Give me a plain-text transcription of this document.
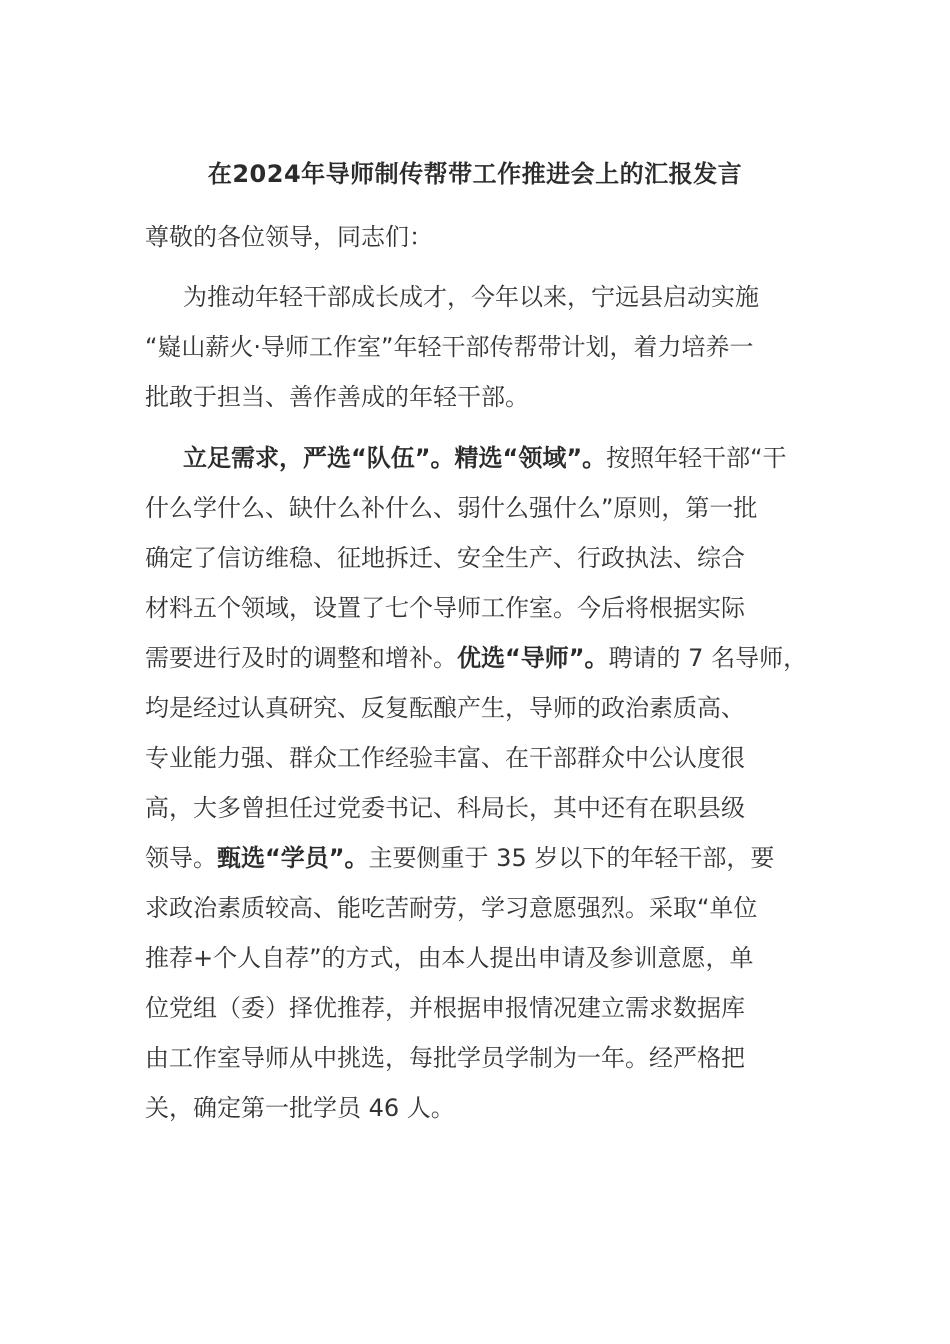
在2024年导师制传帮带工作推进会上的汇报发言
尊敬的各位领导，同志们：
为推动年轻干部成长成才，今年以来，宁远县启动实施
“嶷山薪火·导师工作室”年轻干部传帮带计划，着力培养一
批敢于担当、善作善成的年轻干部。
立足需求，严选“队伍”。精选“领域”。按照年轻干部“干
什么学什么、缺什么补什么、弱什么强什么”原则，第一批
确定了信访维稳、征地拆迁、安全生产、行政执法、综合
材料五个领域，设置了七个导师工作室。今后将根据实际
需要进行及时的调整和增补。优选“导师”。聘请的 7 名导师，
均是经过认真研究、反复酝酿产生，导师的政治素质高、
专业能力强、群众工作经验丰富、在干部群众中公认度很
高，大多曾担任过党委书记、科局长，其中还有在职县级
领导。甄选“学员”。主要侧重于 35 岁以下的年轻干部，要
求政治素质较高、能吃苦耐劳，学习意愿强烈。采取“单位
推荐+个人自荐”的方式，由本人提出申请及参训意愿，单
位党组（委）择优推荐，并根据申报情况建立需求数据库
由工作室导师从中挑选，每批学员学制为一年。经严格把
关，确定第一批学员 46 人。
